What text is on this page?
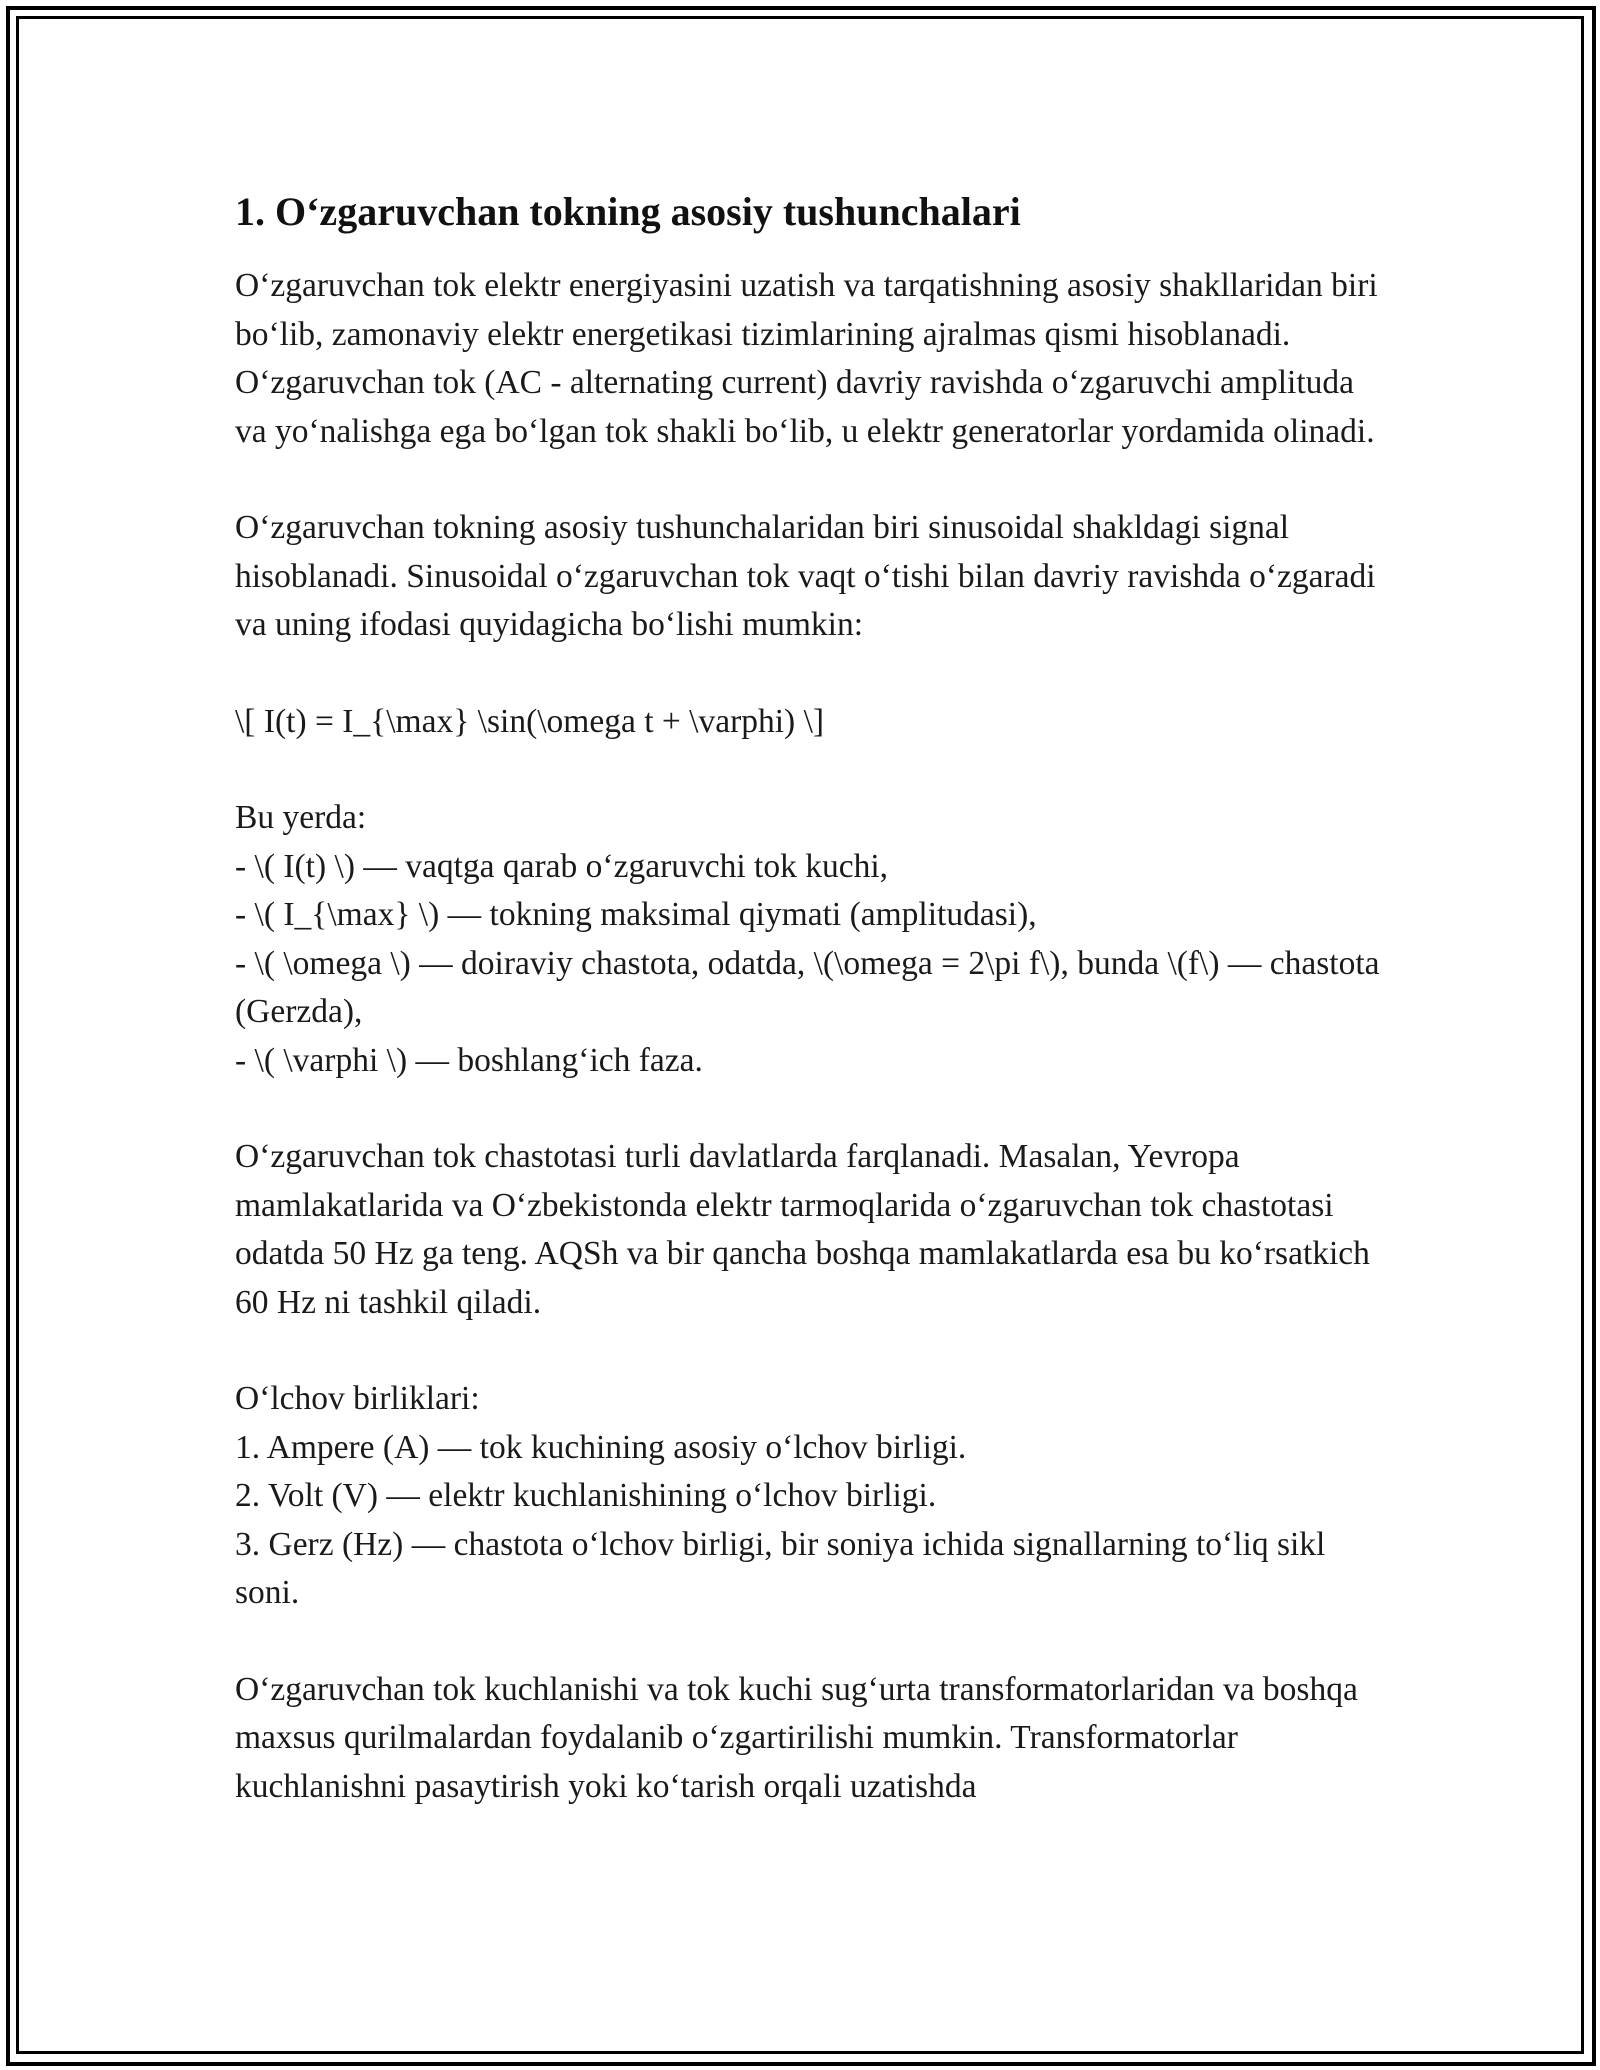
1. O‘zgaruvchan tokning asosiy tushunchalari

O‘zgaruvchan tok elektr energiyasini uzatish va tarqatishning asosiy shakllaridan biri bo‘lib, zamonaviy elektr energetikasi tizimlarining ajralmas qismi hisoblanadi. O‘zgaruvchan tok (AC - alternating current) davriy ravishda o‘zgaruvchi amplituda va yo‘nalishga ega bo‘lgan tok shakli bo‘lib, u elektr generatorlar yordamida olinadi.

O‘zgaruvchan tokning asosiy tushunchalaridan biri sinusoidal shakldagi signal hisoblanadi. Sinusoidal o‘zgaruvchan tok vaqt o‘tishi bilan davriy ravishda o‘zgaradi va uning ifodasi quyidagicha bo‘lishi mumkin:

\[ I(t) = I_{\max} \sin(\omega t + \varphi) \]

Bu yerda:
- \( I(t) \) — vaqtga qarab o‘zgaruvchi tok kuchi,
- \( I_{\max} \) — tokning maksimal qiymati (amplitudasi),
- \( \omega \) — doiraviy chastota, odatda, \(\omega = 2\pi f\), bunda \(f\) — chastota (Gerzda),
- \( \varphi \) — boshlang‘ich faza.

O‘zgaruvchan tok chastotasi turli davlatlarda farqlanadi. Masalan, Yevropa mamlakatlarida va O‘zbekistonda elektr tarmoqlarida o‘zgaruvchan tok chastotasi odatda 50 Hz ga teng. AQSh va bir qancha boshqa mamlakatlarda esa bu ko‘rsatkich 60 Hz ni tashkil qiladi.

O‘lchov birliklari:
1. Ampere (A) — tok kuchining asosiy o‘lchov birligi.
2. Volt (V) — elektr kuchlanishining o‘lchov birligi.
3. Gerz (Hz) — chastota o‘lchov birligi, bir soniya ichida signallarning to‘liq sikl soni.

O‘zgaruvchan tok kuchlanishi va tok kuchi sug‘urta transformatorlaridan va boshqa maxsus qurilmalardan foydalanib o‘zgartirilishi mumkin. Transformatorlar kuchlanishni pasaytirish yoki ko‘tarish orqali uzatishda
